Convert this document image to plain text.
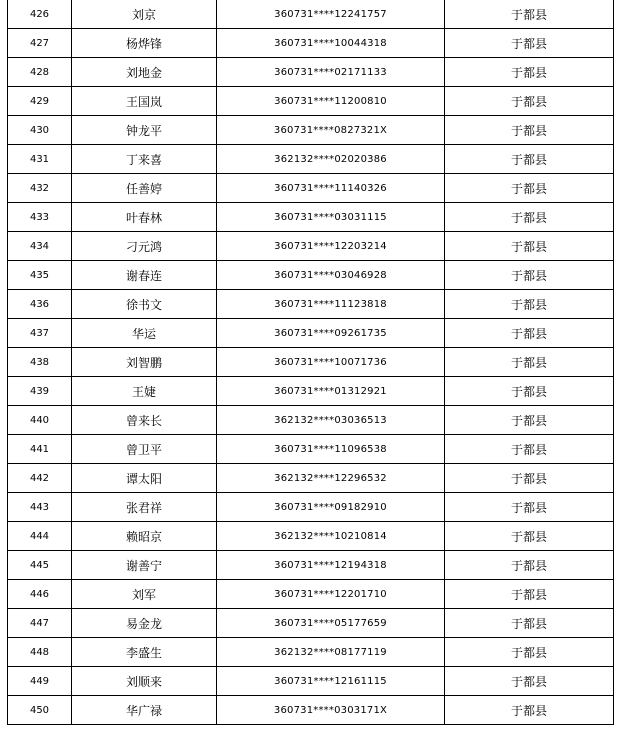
426	刘京	360731****12241757	于都县
427	杨烨锋	360731****10044318	于都县
428	刘地金	360731****02171133	于都县
429	王国岚	360731****11200810	于都县
430	钟龙平	360731****0827321X	于都县
431	丁来喜	362132****02020386	于都县
432	任善婷	360731****11140326	于都县
433	叶春林	360731****03031115	于都县
434	刁元鸿	360731****12203214	于都县
435	谢春连	360731****03046928	于都县
436	徐书文	360731****11123818	于都县
437	华运	360731****09261735	于都县
438	刘智鹏	360731****10071736	于都县
439	王婕	360731****01312921	于都县
440	曾来长	362132****03036513	于都县
441	曾卫平	360731****11096538	于都县
442	谭太阳	362132****12296532	于都县
443	张君祥	360731****09182910	于都县
444	赖昭京	362132****10210814	于都县
445	谢善宁	360731****12194318	于都县
446	刘军	360731****12201710	于都县
447	易金龙	360731****05177659	于都县
448	李盛生	362132****08177119	于都县
449	刘顺来	360731****12161115	于都县
450	华广禄	360731****0303171X	于都县
